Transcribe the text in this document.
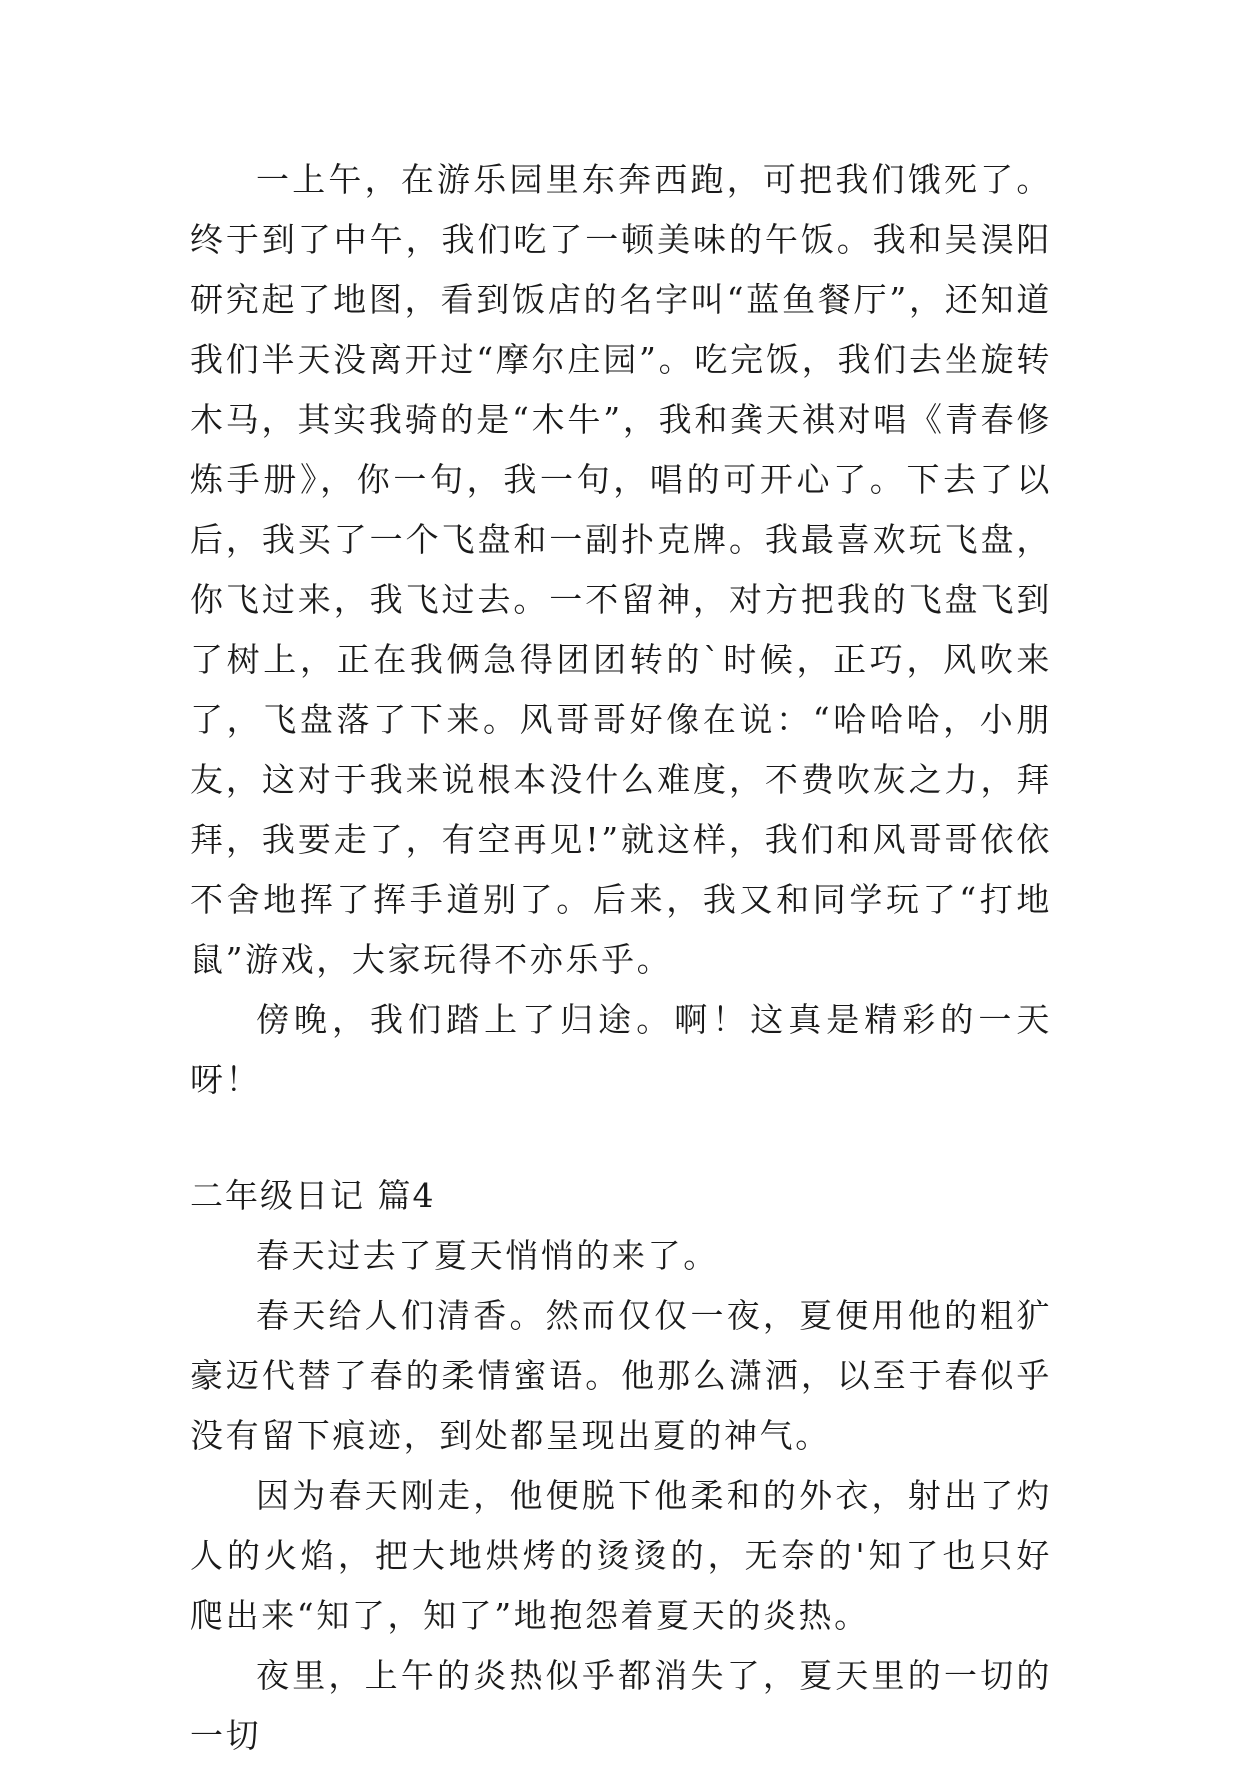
一上午，在游乐园里东奔西跑，可把我们饿死了。终于到了中午，我们吃了一顿美味的午饭。我和吴淏阳研究起了地图，看到饭店的名字叫“蓝鱼餐厅”，还知道我们半天没离开过“摩尔庄园”。吃完饭，我们去坐旋转木马，其实我骑的是“木牛”，我和龚天祺对唱《青春修炼手册》，你一句，我一句，唱的可开心了。下去了以后，我买了一个飞盘和一副扑克牌。我最喜欢玩飞盘，你飞过来，我飞过去。一不留神，对方把我的飞盘飞到了树上，正在我俩急得团团转的`时候，正巧，风吹来了，飞盘落了下来。风哥哥好像在说：“哈哈哈，小朋友，这对于我来说根本没什么难度，不费吹灰之力，拜拜，我要走了，有空再见!”就这样，我们和风哥哥依依不舍地挥了挥手道别了。后来，我又和同学玩了“打地鼠”游戏，大家玩得不亦乐乎。

傍晚，我们踏上了归途。啊！这真是精彩的一天呀！

二年级日记 篇4

春天过去了夏天悄悄的来了。

春天给人们清香。然而仅仅一夜，夏便用他的粗犷豪迈代替了春的柔情蜜语。他那么潇洒，以至于春似乎没有留下痕迹，到处都呈现出夏的神气。

因为春天刚走，他便脱下他柔和的外衣，射出了灼人的火焰，把大地烘烤的烫烫的，无奈的'知了也只好爬出来“知了，知了”地抱怨着夏天的炎热。

夜里，上午的炎热似乎都消失了，夏天里的一切的一切
